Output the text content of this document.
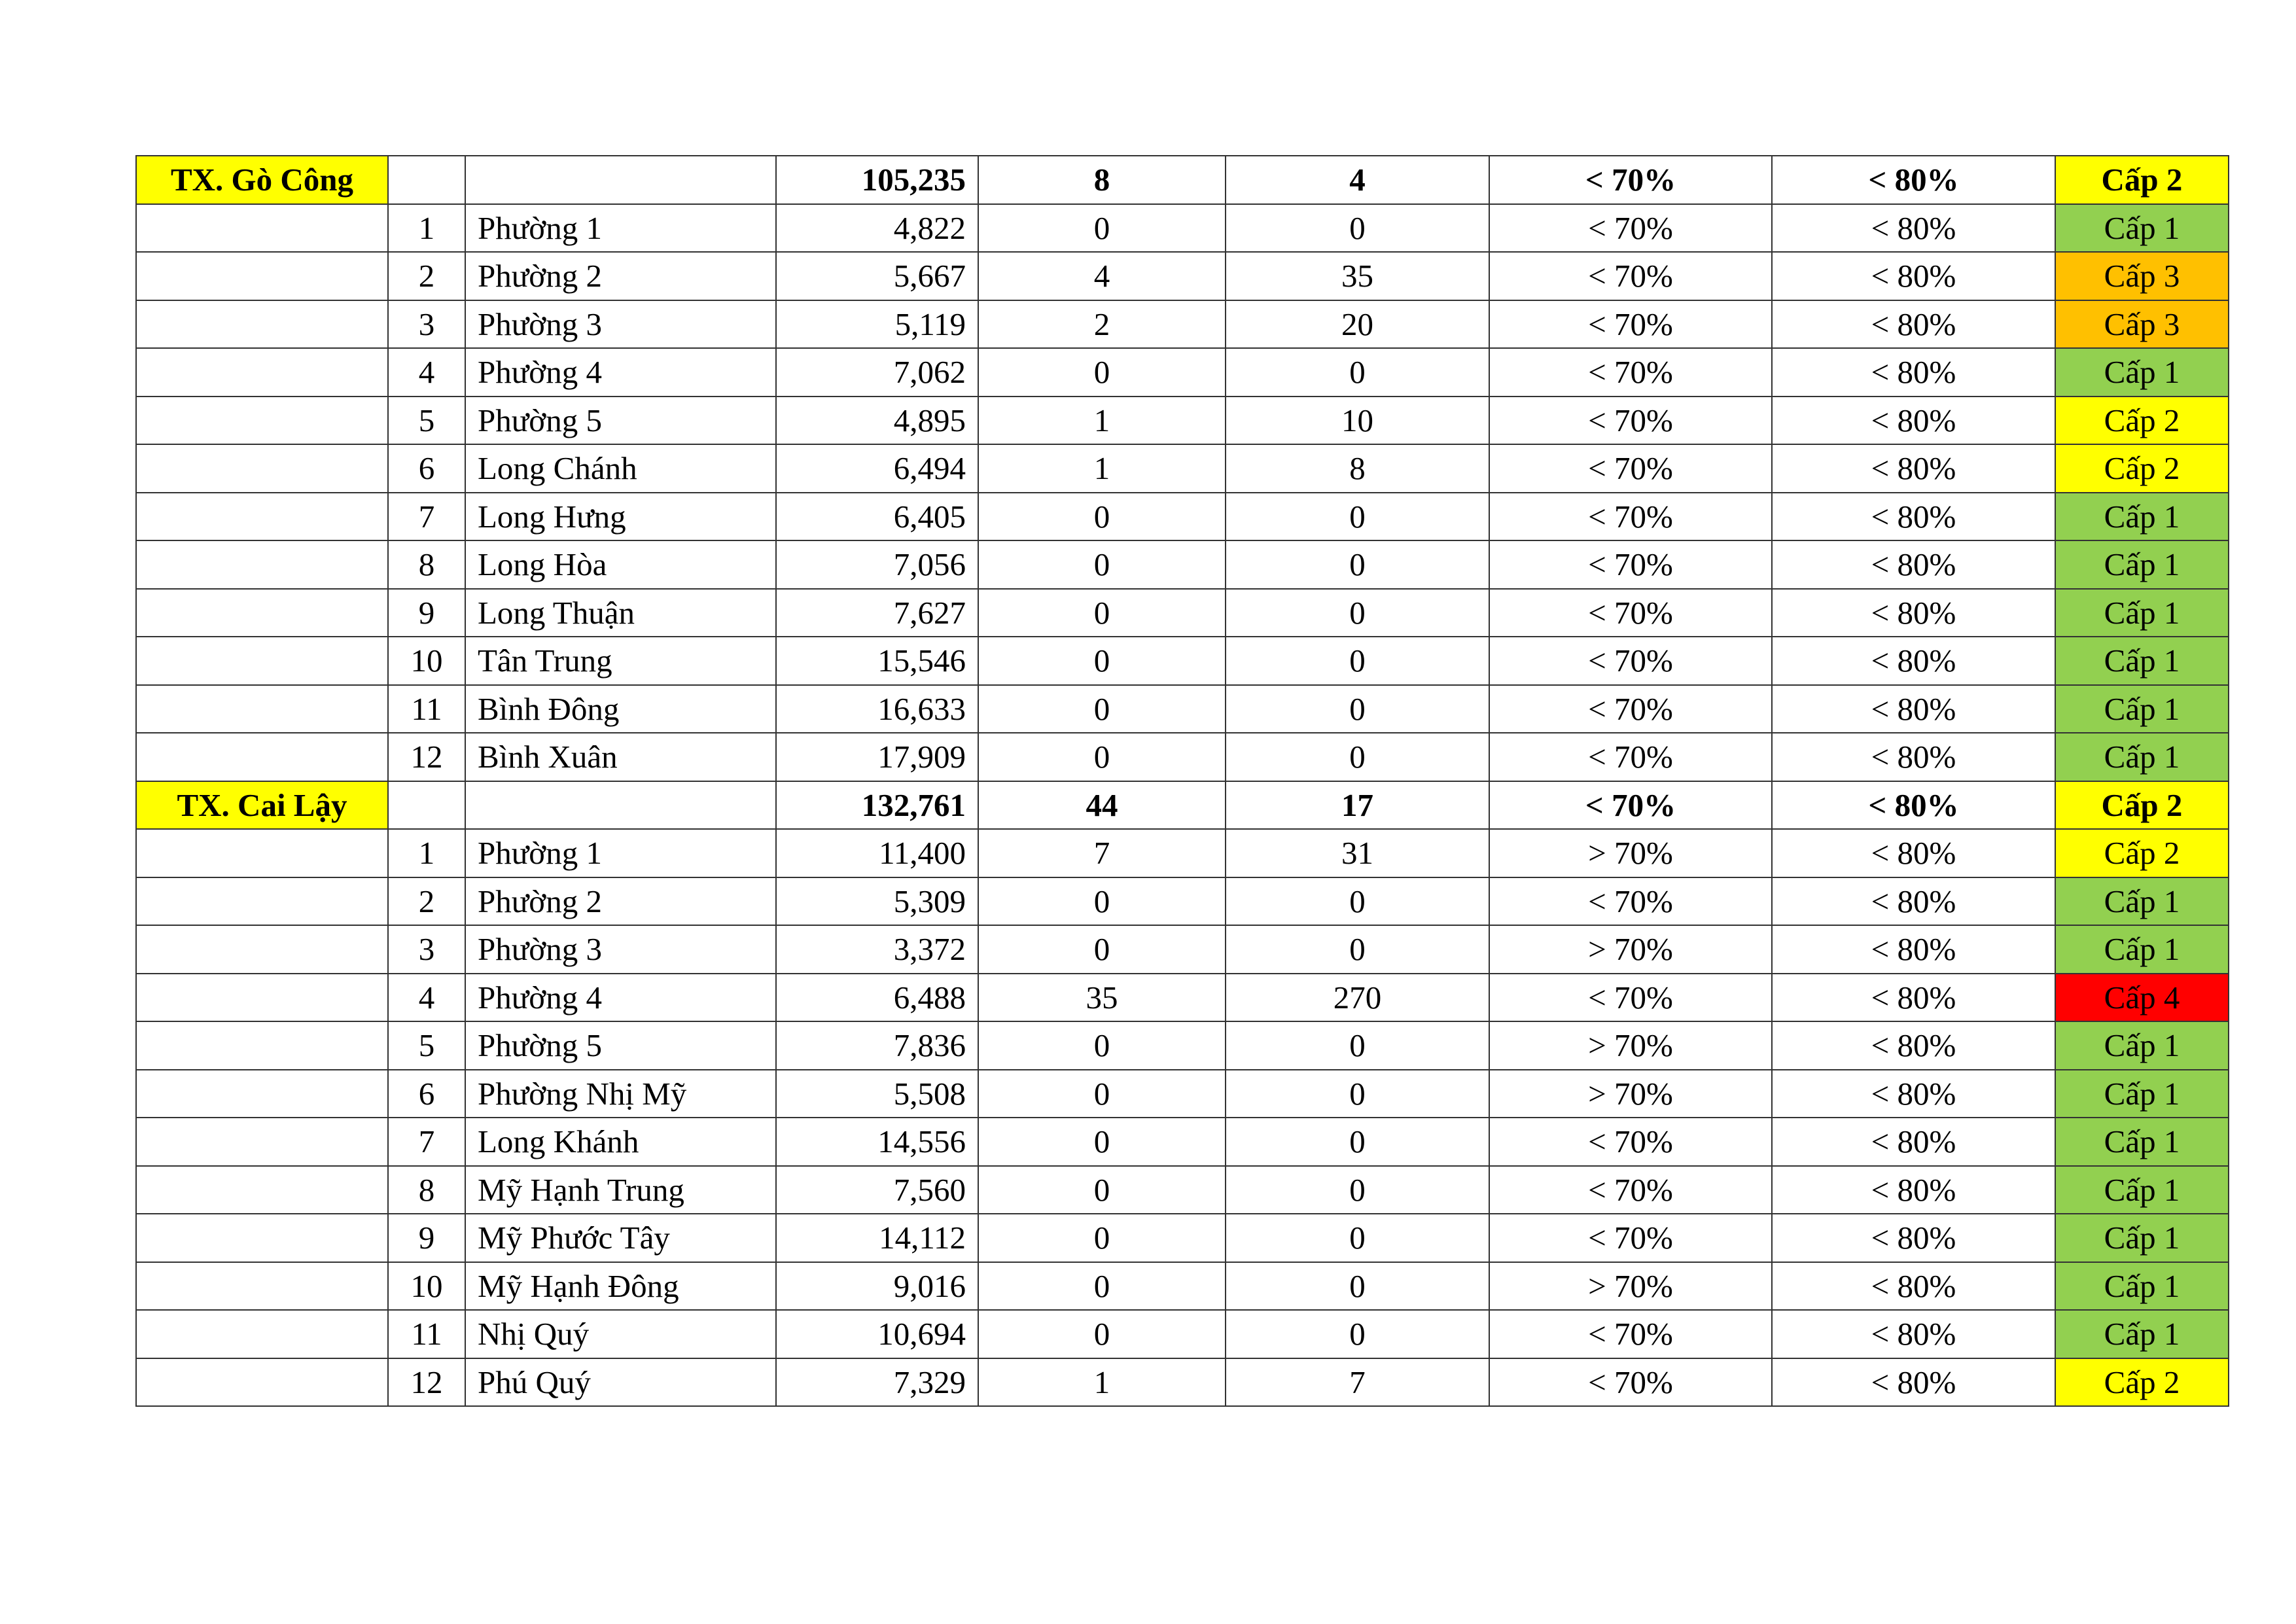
TX. Gò Công			105,235	8	4	< 70%	< 80%	Cấp 2
	1	Phường 1	4,822	0	0	< 70%	< 80%	Cấp 1
	2	Phường 2	5,667	4	35	< 70%	< 80%	Cấp 3
	3	Phường 3	5,119	2	20	< 70%	< 80%	Cấp 3
	4	Phường 4	7,062	0	0	< 70%	< 80%	Cấp 1
	5	Phường 5	4,895	1	10	< 70%	< 80%	Cấp 2
	6	Long Chánh	6,494	1	8	< 70%	< 80%	Cấp 2
	7	Long Hưng	6,405	0	0	< 70%	< 80%	Cấp 1
	8	Long Hòa	7,056	0	0	< 70%	< 80%	Cấp 1
	9	Long Thuận	7,627	0	0	< 70%	< 80%	Cấp 1
	10	Tân Trung	15,546	0	0	< 70%	< 80%	Cấp 1
	11	Bình Đông	16,633	0	0	< 70%	< 80%	Cấp 1
	12	Bình Xuân	17,909	0	0	< 70%	< 80%	Cấp 1
TX. Cai Lậy			132,761	44	17	< 70%	< 80%	Cấp 2
	1	Phường 1	11,400	7	31	> 70%	< 80%	Cấp 2
	2	Phường 2	5,309	0	0	< 70%	< 80%	Cấp 1
	3	Phường 3	3,372	0	0	> 70%	< 80%	Cấp 1
	4	Phường 4	6,488	35	270	< 70%	< 80%	Cấp 4
	5	Phường 5	7,836	0	0	> 70%	< 80%	Cấp 1
	6	Phường Nhị Mỹ	5,508	0	0	> 70%	< 80%	Cấp 1
	7	Long Khánh	14,556	0	0	< 70%	< 80%	Cấp 1
	8	Mỹ Hạnh Trung	7,560	0	0	< 70%	< 80%	Cấp 1
	9	Mỹ Phước Tây	14,112	0	0	< 70%	< 80%	Cấp 1
	10	Mỹ Hạnh Đông	9,016	0	0	> 70%	< 80%	Cấp 1
	11	Nhị Quý	10,694	0	0	< 70%	< 80%	Cấp 1
	12	Phú Quý	7,329	1	7	< 70%	< 80%	Cấp 2
